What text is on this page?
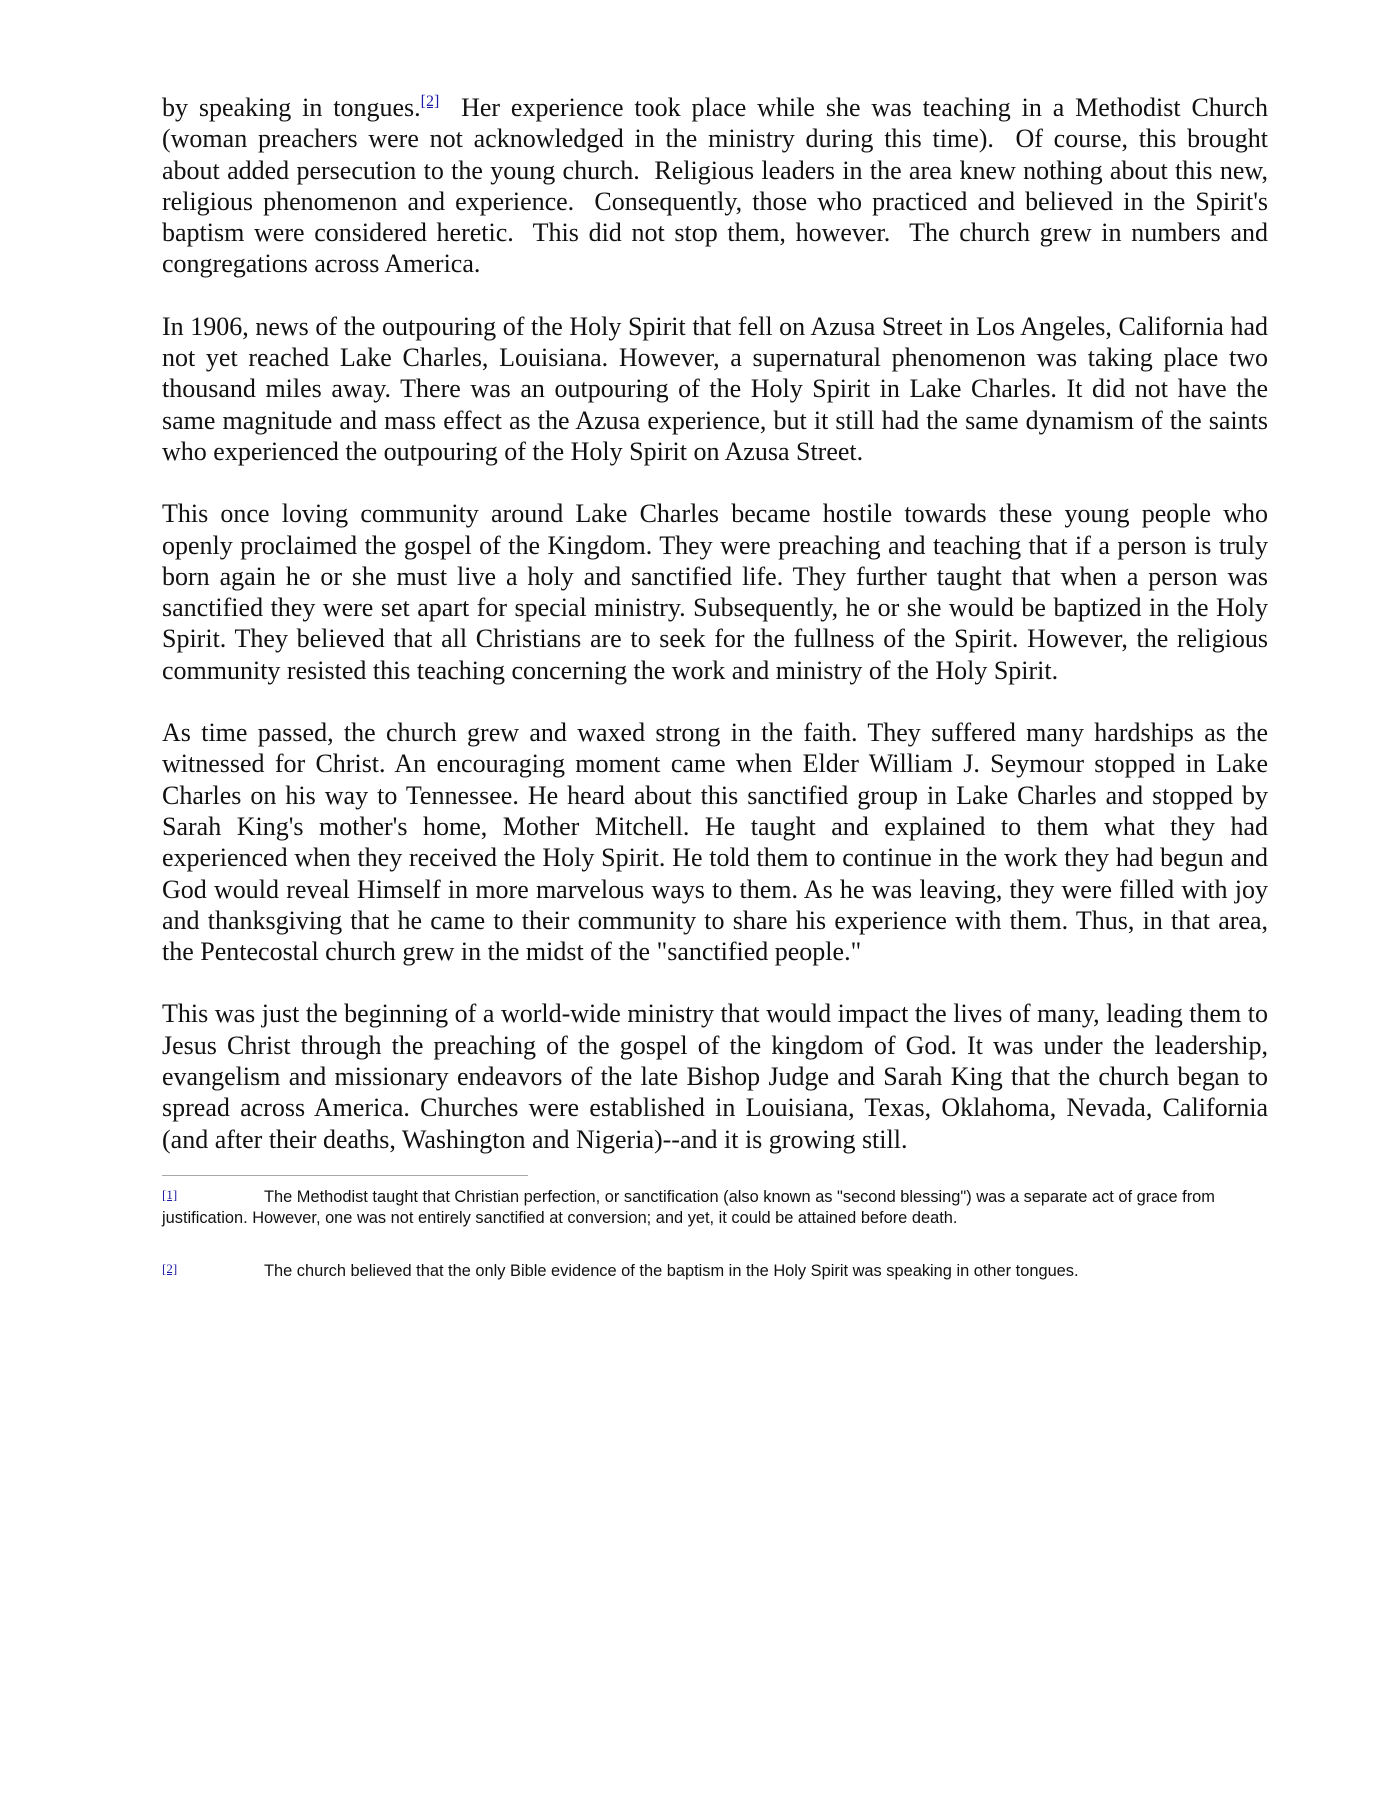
by speaking in tongues.[2]  Her experience took place while she was teaching in a Methodist Church (woman preachers were not acknowledged in the ministry during this time).  Of course, this brought about added persecution to the young church.  Religious leaders in the area knew nothing about this new, religious phenomenon and experience.  Consequently, those who practiced and believed in the Spirit's baptism were considered heretic.  This did not stop them, however.  The church grew in numbers and congregations across America.

In 1906, news of the outpouring of the Holy Spirit that fell on Azusa Street in Los Angeles, California had not yet reached Lake Charles, Louisiana. However, a supernatural phenomenon was taking place two thousand miles away. There was an outpouring of the Holy Spirit in Lake Charles. It did not have the same magnitude and mass effect as the Azusa experience, but it still had the same dynamism of the saints who experienced the outpouring of the Holy Spirit on Azusa Street.

This once loving community around Lake Charles became hostile towards these young people who openly proclaimed the gospel of the Kingdom. They were preaching and teaching that if a person is truly born again he or she must live a holy and sanctified life. They further taught that when a person was sanctified they were set apart for special ministry. Subsequently, he or she would be baptized in the Holy Spirit. They believed that all Christians are to seek for the fullness of the Spirit. However, the religious community resisted this teaching concerning the work and ministry of the Holy Spirit.

As time passed, the church grew and waxed strong in the faith. They suffered many hardships as the witnessed for Christ. An encouraging moment came when Elder William J. Seymour stopped in Lake Charles on his way to Tennessee. He heard about this sanctified group in Lake Charles and stopped by Sarah King's mother's home, Mother Mitchell. He taught and explained to them what they had experienced when they received the Holy Spirit. He told them to continue in the work they had begun and God would reveal Himself in more marvelous ways to them. As he was leaving, they were filled with joy and thanksgiving that he came to their community to share his experience with them. Thus, in that area, the Pentecostal church grew in the midst of the "sanctified people."

This was just the beginning of a world-wide ministry that would impact the lives of many, leading them to Jesus Christ through the preaching of the gospel of the kingdom of God. It was under the leadership, evangelism and missionary endeavors of the late Bishop Judge and Sarah King that the church began to spread across America. Churches were established in Louisiana, Texas, Oklahoma, Nevada, California (and after their deaths, Washington and Nigeria)--and it is growing still.

[1]	The Methodist taught that Christian perfection, or sanctification (also known as "second blessing") was a separate act of grace from justification. However, one was not entirely sanctified at conversion; and yet, it could be attained before death.

[2]	The church believed that the only Bible evidence of the baptism in the Holy Spirit was speaking in other tongues.
